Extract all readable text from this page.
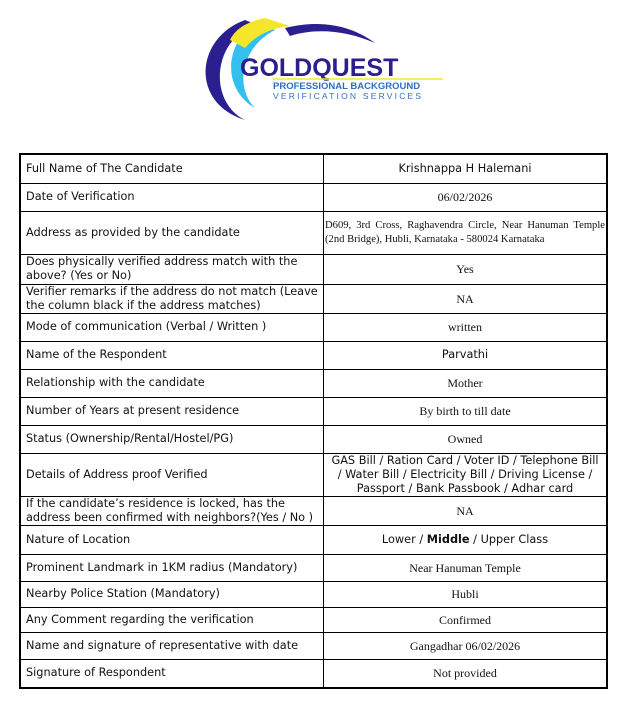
GOLDQUEST
PROFESSIONAL BACKGROUND
VERIFICATION SERVICES
Full Name of The Candidate	Krishnappa H Halemani
Date of Verification	06/02/2026
Address as provided by the candidate	D609, 3rd Cross, Raghavendra Circle, Near Hanuman Temple (2nd Bridge), Hubli, Karnataka - 580024 Karnataka
Does physically verified address match with the above? (Yes or No)	Yes
Verifier remarks if the address do not match (Leave the column black if the address matches)	NA
Mode of communication (Verbal / Written )	written
Name of the Respondent	Parvathi
Relationship with the candidate	Mother
Number of Years at present residence	By birth to till date
Status (Ownership/Rental/Hostel/PG)	Owned
Details of Address proof Verified	GAS Bill / Ration Card / Voter ID / Telephone Bill / Water Bill / Electricity Bill / Driving License / Passport / Bank Passbook / Adhar card
If the candidate’s residence is locked, has the address been confirmed with neighbors?(Yes / No )	NA
Nature of Location	Lower / Middle / Upper Class
Prominent Landmark in 1KM radius (Mandatory)	Near Hanuman Temple
Nearby Police Station (Mandatory)	Hubli
Any Comment regarding the verification	Confirmed
Name and signature of representative with date	Gangadhar 06/02/2026
Signature of Respondent	Not provided
